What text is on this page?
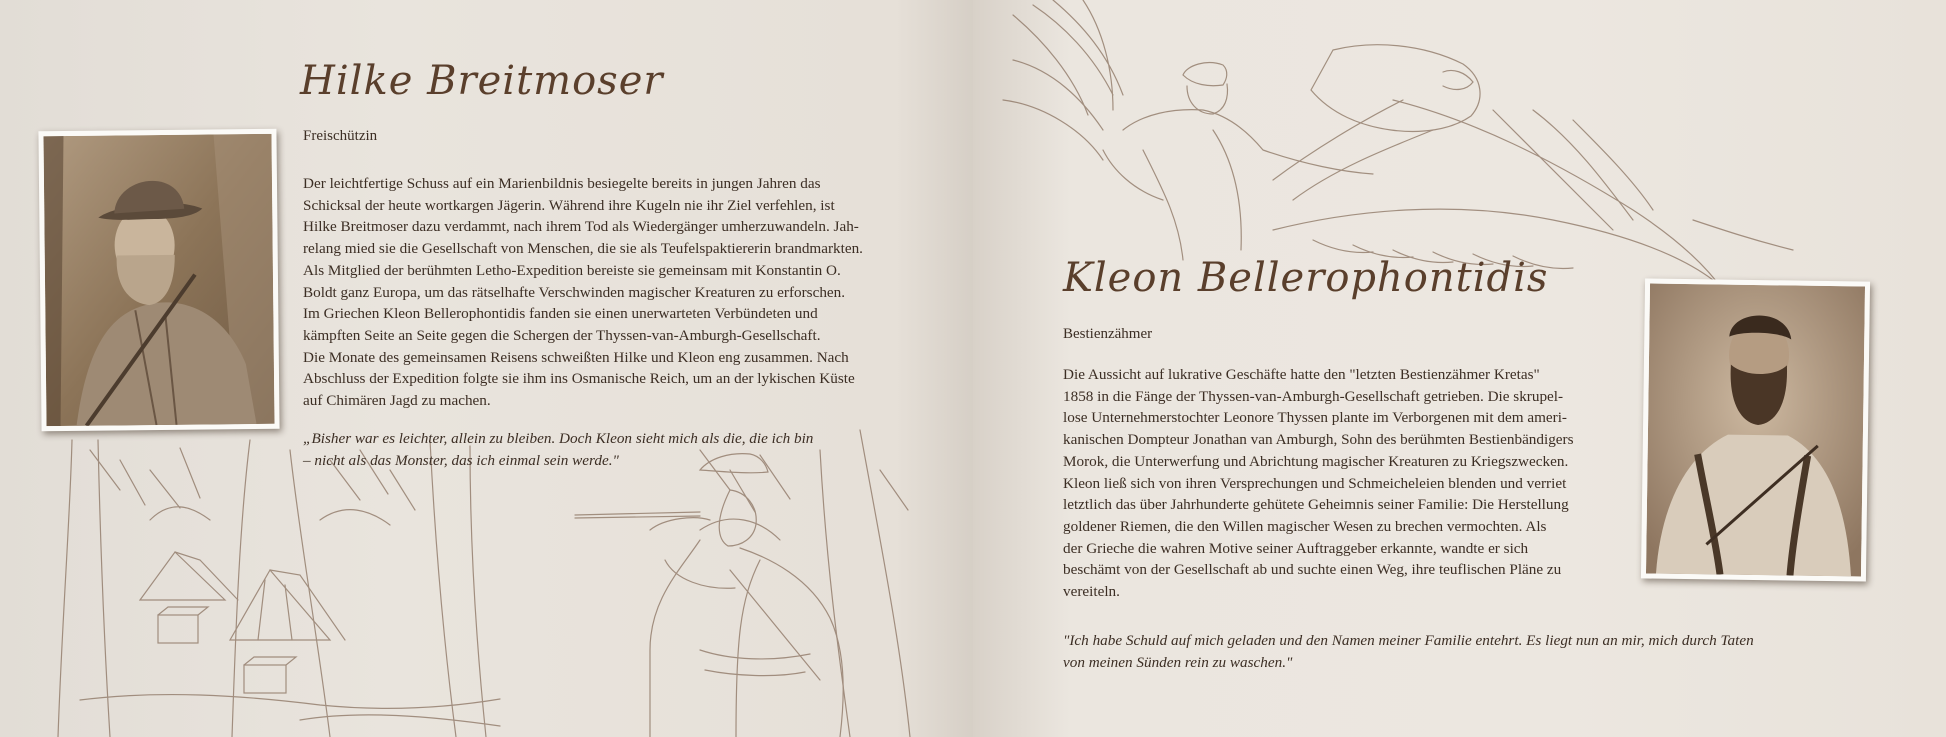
Hilke Breitmoser
Freischützin

Der leichtfertige Schuss auf ein Marienbildnis besiegelte bereits in jungen Jahren das
Schicksal der heute wortkargen Jägerin. Während ihre Kugeln nie ihr Ziel verfehlen, ist
Hilke Breitmoser dazu verdammt, nach ihrem Tod als Wiedergänger umherzuwandeln. Jah-
relang mied sie die Gesellschaft von Menschen, die sie als Teufelspaktiererin brandmarkten.
Als Mitglied der berühmten Letho-Expedition bereiste sie gemeinsam mit Konstantin O.
Boldt ganz Europa, um das rätselhafte Verschwinden magischer Kreaturen zu erforschen.
Im Griechen Kleon Bellerophontidis fanden sie einen unerwarteten Verbündeten und
kämpften Seite an Seite gegen die Schergen der Thyssen-van-Amburgh-Gesellschaft.
Die Monate des gemeinsamen Reisens schweißten Hilke und Kleon eng zusammen. Nach
Abschluss der Expedition folgte sie ihm ins Osmanische Reich, um an der lykischen Küste
auf Chimären Jagd zu machen.

„Bisher war es leichter, allein zu bleiben. Doch Kleon sieht mich als die, die ich bin
– nicht als das Monster, das ich einmal sein werde."

Kleon Bellerophontidis
Bestienzähmer

Die Aussicht auf lukrative Geschäfte hatte den "letzten Bestienzähmer Kretas"
1858 in die Fänge der Thyssen-van-Amburgh-Gesellschaft getrieben. Die skrupel-
lose Unternehmerstochter Leonore Thyssen plante im Verborgenen mit dem ameri-
kanischen Dompteur Jonathan van Amburgh, Sohn des berühmten Bestienbändigers
Morok, die Unterwerfung und Abrichtung magischer Kreaturen zu Kriegszwecken.
Kleon ließ sich von ihren Versprechungen und Schmeicheleien blenden und verriet
letztlich das über Jahrhunderte gehütete Geheimnis seiner Familie: Die Herstellung
goldener Riemen, die den Willen magischer Wesen zu brechen vermochten. Als
der Grieche die wahren Motive seiner Auftraggeber erkannte, wandte er sich
beschämt von der Gesellschaft ab und suchte einen Weg, ihre teuflischen Pläne zu
vereiteln.

"Ich habe Schuld auf mich geladen und den Namen meiner Familie entehrt. Es liegt nun an mir, mich durch Taten
von meinen Sünden rein zu waschen."
